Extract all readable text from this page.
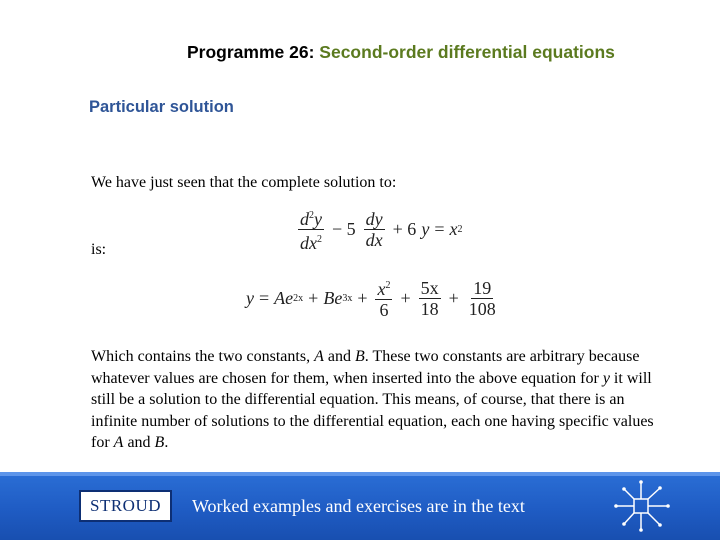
Programme 26: Second-order differential equations
Particular solution
We have just seen that the complete solution to:
$\frac{d^2y}{dx^2} - 5 \frac{dy}{dx} + 6$ y = x 2
is:
y = A e 2x + B e $3x + \frac{x^2}{6} + \frac{5x}{18} + \frac{19}{108}$
Which contains the two constants, A and B. These two constants are arbitrary because whatever values are chosen for them, when inserted into the above equation for y it will still be a solution to the differential equation. This means, of course, that there is an infinite number of solutions to the differential equation, each one having specific values for A and B.
STROUD	Worked examples and exercises are in the text
